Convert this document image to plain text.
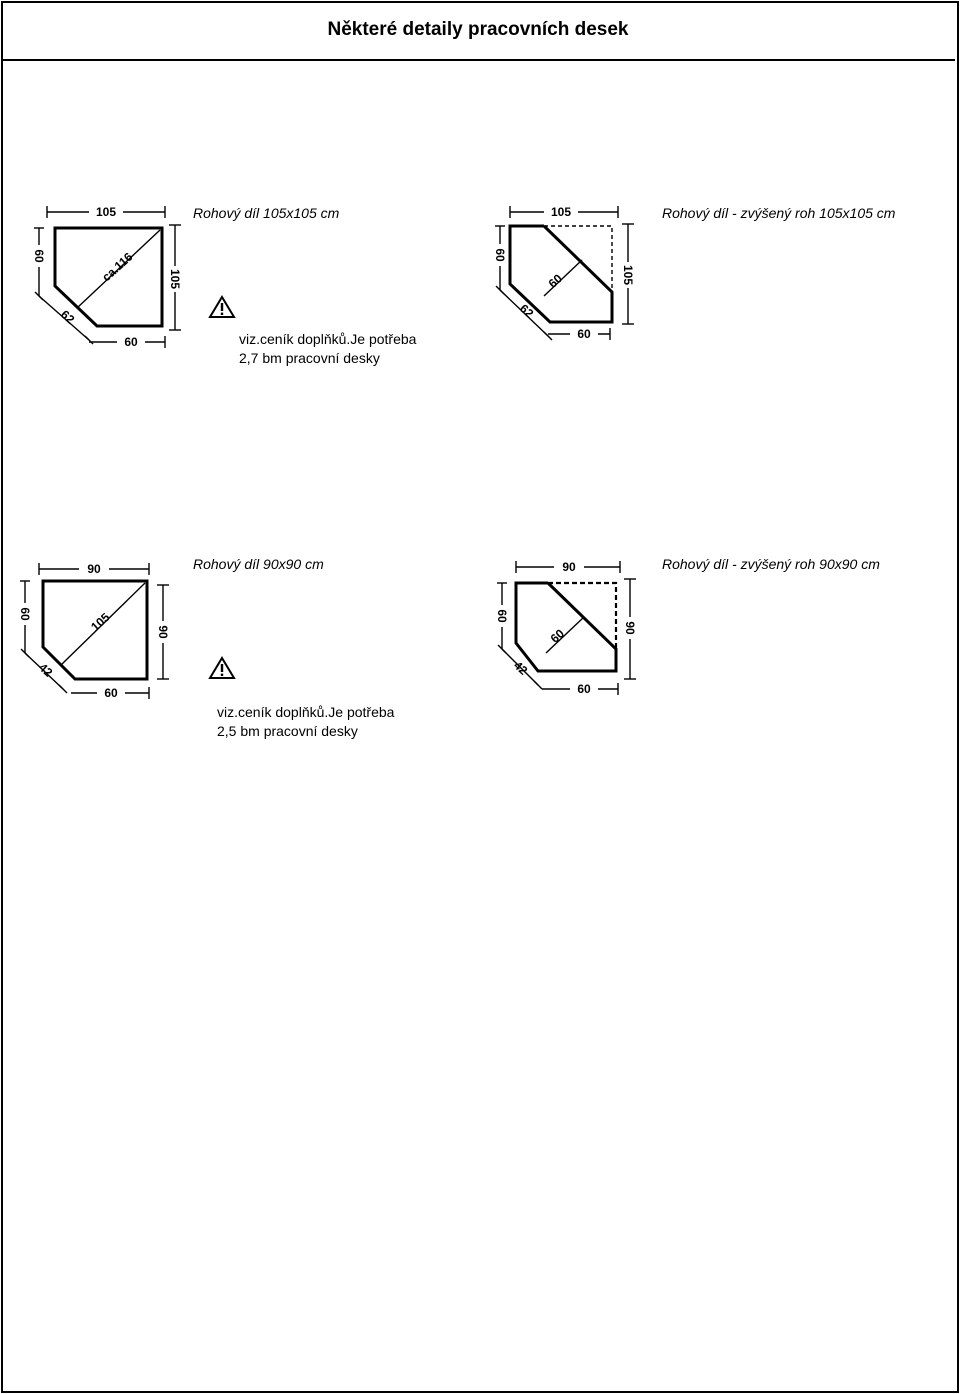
Některé detaily pracovních desek
Rohový díl 105x105 cm
105
60
62
60
105
ca.116
viz.ceník doplňků.Je potřeba
2,7 bm pracovní desky
Rohový díl - zvýšený roh 105x105 cm
105
60
62
60
105
60
Rohový díl 90x90 cm
90
60
42
60
90
105
viz.ceník doplňků.Je potřeba
2,5 bm pracovní desky
Rohový díl - zvýšený roh 90x90 cm
90
60
42
60
90
60
